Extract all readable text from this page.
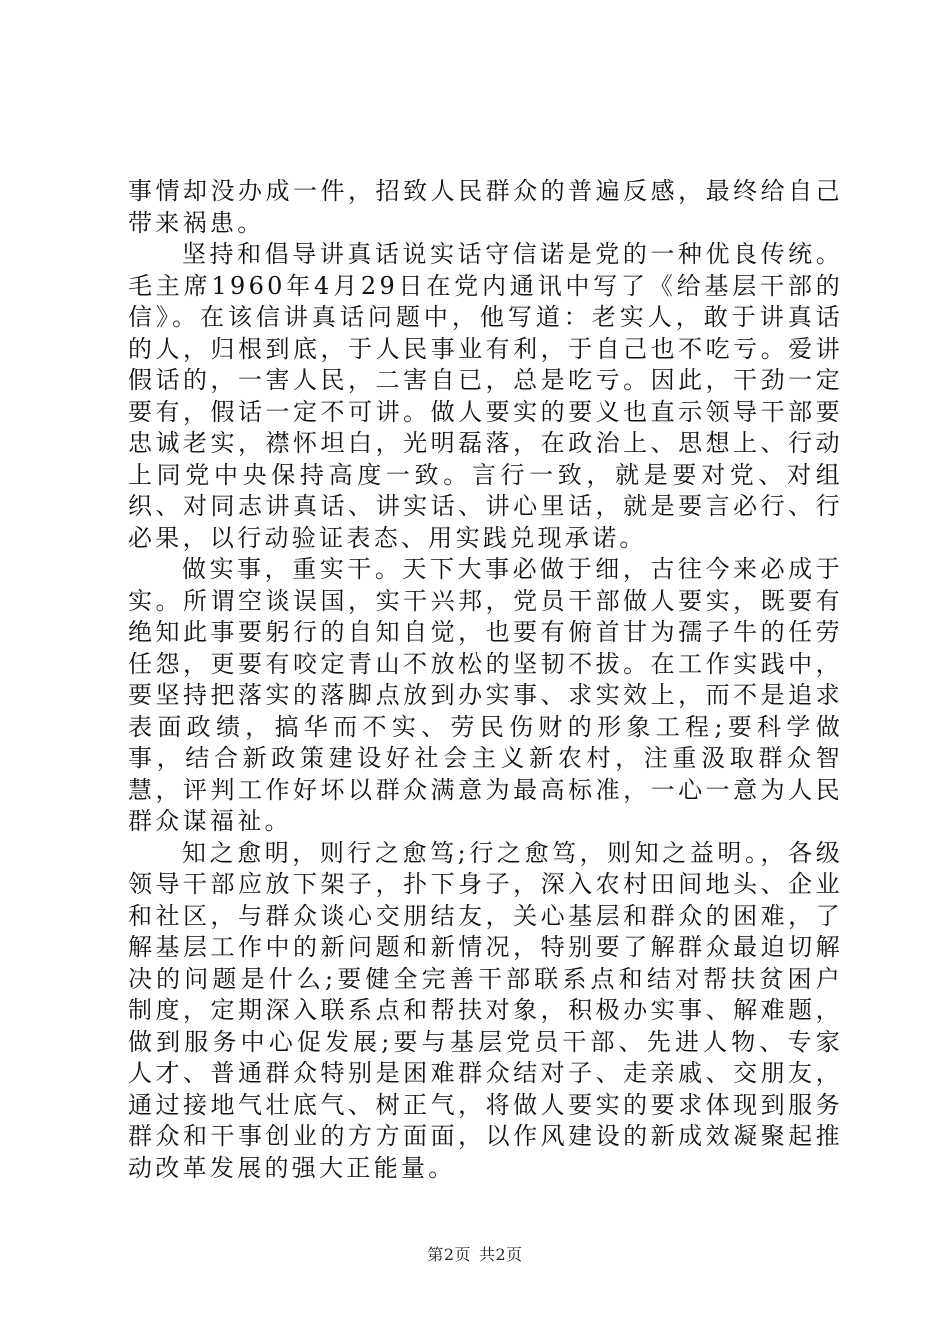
事情却没办成一件，招致人民群众的普遍反感，最终给自己带来祸患。

坚持和倡导讲真话说实话守信诺是党的一种优良传统。毛主席1960年4月29日在党内通讯中写了《给基层干部的信》。在该信讲真话问题中，他写道：老实人，敢于讲真话的人，归根到底，于人民事业有利，于自己也不吃亏。爱讲假话的，一害人民，二害自已，总是吃亏。因此，干劲一定要有，假话一定不可讲。做人要实的要义也直示领导干部要忠诚老实，襟怀坦白，光明磊落，在政治上、思想上、行动上同党中央保持高度一致。言行一致，就是要对党、对组织、对同志讲真话、讲实话、讲心里话，就是要言必行、行必果，以行动验证表态、用实践兑现承诺。

做实事，重实干。天下大事必做于细，古往今来必成于实。所谓空谈误国，实干兴邦，党员干部做人要实，既要有绝知此事要躬行的自知自觉，也要有俯首甘为孺子牛的任劳任怨，更要有咬定青山不放松的坚韧不拔。在工作实践中，要坚持把落实的落脚点放到办实事、求实效上，而不是追求表面政绩，搞华而不实、劳民伤财的形象工程;要科学做事，结合新政策建设好社会主义新农村，注重汲取群众智慧，评判工作好坏以群众满意为最高标准，一心一意为人民群众谋福祉。

知之愈明，则行之愈笃;行之愈笃，则知之益明。，各级领导干部应放下架子，扑下身子，深入农村田间地头、企业和社区，与群众谈心交朋结友，关心基层和群众的困难，了解基层工作中的新问题和新情况，特别要了解群众最迫切解决的问题是什么;要健全完善干部联系点和结对帮扶贫困户制度，定期深入联系点和帮扶对象，积极办实事、解难题，做到服务中心促发展;要与基层党员干部、先进人物、专家人才、普通群众特别是困难群众结对子、走亲戚、交朋友，通过接地气壮底气、树正气，将做人要实的要求体现到服务群众和干事创业的方方面面，以作风建设的新成效凝聚起推动改革发展的强大正能量。

第2页 共2页
